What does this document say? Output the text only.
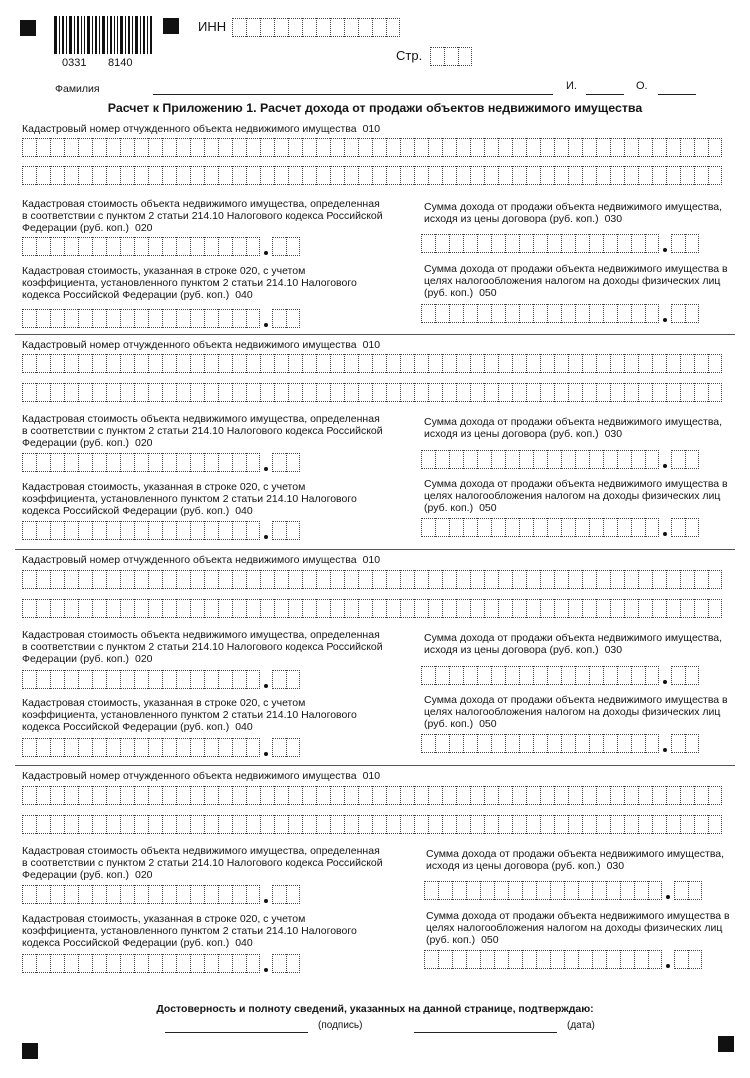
0331 8140
ИНН
Стр.
Фамилия	И.	О.
Расчет к Приложению 1. Расчет дохода от продажи объектов недвижимого имущества
Кадастровый номер отчужденного объекта недвижимого имущества 010
Кадастровая стоимость объекта недвижимого имущества, определенная
в соответствии с пунктом 2 статьи 214.10 Налогового кодекса Российской
Федерации (руб. коп.) 020
Сумма дохода от продажи объекта недвижимого имущества,
исходя из цены договора (руб. коп.) 030
Кадастровая стоимость, указанная в строке 020, с учетом
коэффициента, установленного пунктом 2 статьи 214.10 Налогового
кодекса Российской Федерации (руб. коп.) 040
Сумма дохода от продажи объекта недвижимого имущества в
целях налогообложения налогом на доходы физических лиц
(руб. коп.) 050
Кадастровый номер отчужденного объекта недвижимого имущества 010
Кадастровая стоимость объекта недвижимого имущества, определенная
в соответствии с пунктом 2 статьи 214.10 Налогового кодекса Российской
Федерации (руб. коп.) 020
Сумма дохода от продажи объекта недвижимого имущества,
исходя из цены договора (руб. коп.) 030
Кадастровая стоимость, указанная в строке 020, с учетом
коэффициента, установленного пунктом 2 статьи 214.10 Налогового
кодекса Российской Федерации (руб. коп.) 040
Сумма дохода от продажи объекта недвижимого имущества в
целях налогообложения налогом на доходы физических лиц
(руб. коп.) 050
Кадастровый номер отчужденного объекта недвижимого имущества 010
Кадастровая стоимость объекта недвижимого имущества, определенная
в соответствии с пунктом 2 статьи 214.10 Налогового кодекса Российской
Федерации (руб. коп.) 020
Сумма дохода от продажи объекта недвижимого имущества,
исходя из цены договора (руб. коп.) 030
Кадастровая стоимость, указанная в строке 020, с учетом
коэффициента, установленного пунктом 2 статьи 214.10 Налогового
кодекса Российской Федерации (руб. коп.) 040
Сумма дохода от продажи объекта недвижимого имущества в
целях налогообложения налогом на доходы физических лиц
(руб. коп.) 050
Кадастровый номер отчужденного объекта недвижимого имущества 010
Кадастровая стоимость объекта недвижимого имущества, определенная
в соответствии с пунктом 2 статьи 214.10 Налогового кодекса Российской
Федерации (руб. коп.) 020
Сумма дохода от продажи объекта недвижимого имущества,
исходя из цены договора (руб. коп.) 030
Кадастровая стоимость, указанная в строке 020, с учетом
коэффициента, установленного пунктом 2 статьи 214.10 Налогового
кодекса Российской Федерации (руб. коп.) 040
Сумма дохода от продажи объекта недвижимого имущества в
целях налогообложения налогом на доходы физических лиц
(руб. коп.) 050
Достоверность и полноту сведений, указанных на данной странице, подтверждаю:
(подпись)	(дата)
